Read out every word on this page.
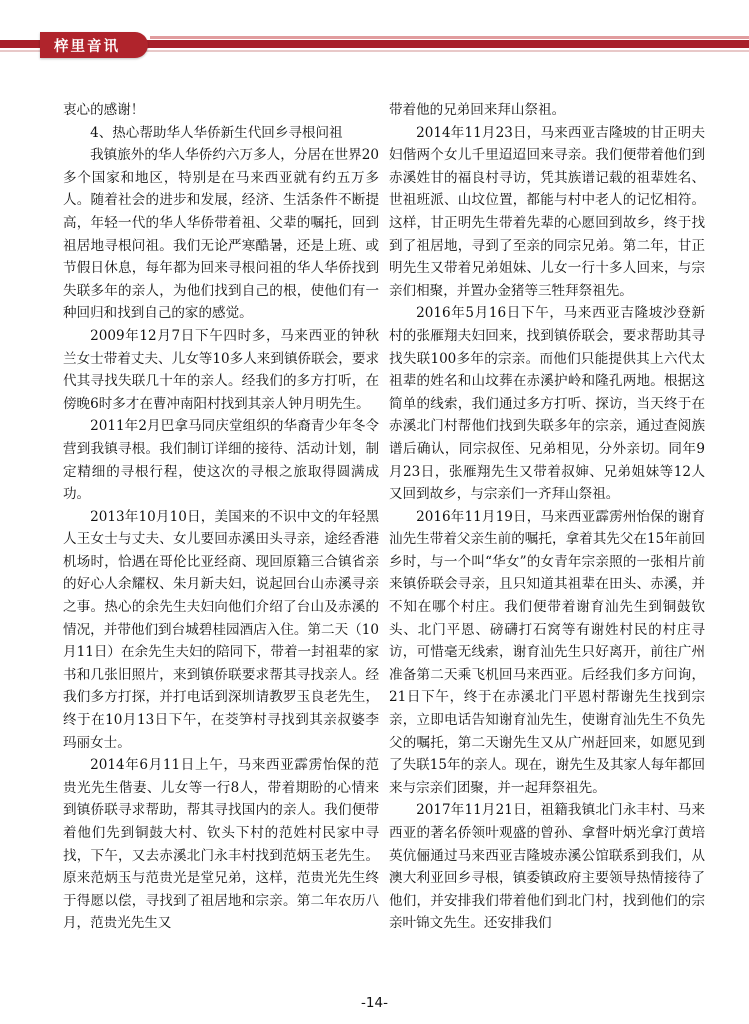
梓里音讯

衷心的感谢！

4、热心帮助华人华侨新生代回乡寻根问祖

我镇旅外的华人华侨约六万多人，分居在世界20多个国家和地区，特别是在马来西亚就有约五万多人。随着社会的进步和发展，经济、生活条件不断提高，年轻一代的华人华侨带着祖、父辈的嘱托，回到祖居地寻根问祖。我们无论严寒酷暑，还是上班、或节假日休息，每年都为回来寻根问祖的华人华侨找到失联多年的亲人，为他们找到自己的根，使他们有一种回归和找到自己的家的感觉。

2009年12月7日下午四时多，马来西亚的钟秋兰女士带着丈夫、儿女等10多人来到镇侨联会，要求代其寻找失联几十年的亲人。经我们的多方打听，在傍晚6时多才在曹冲南阳村找到其亲人钟月明先生。

2011年2月巴拿马同庆堂组织的华裔青少年冬令营到我镇寻根。我们制订详细的接待、活动计划，制定精细的寻根行程，使这次的寻根之旅取得圆满成功。

2013年10月10日，美国来的不识中文的年轻黑人王女士与丈夫、女儿要回赤溪田头寻亲，途经香港机场时，恰遇在哥伦比亚经商、现回原籍三合镇省亲的好心人余耀权、朱月新夫妇，说起回台山赤溪寻亲之事。热心的余先生夫妇向他们介绍了台山及赤溪的情况，并带他们到台城碧桂园酒店入住。第二天（10月11日）在余先生夫妇的陪同下，带着一封祖辈的家书和几张旧照片，来到镇侨联要求帮其寻找亲人。经我们多方打探，并打电话到深圳请教罗玉良老先生，终于在10月13日下午，在茭笋村寻找到其亲叔婆李玛丽女士。

2014年6月11日上午，马来西亚霹雳怡保的范贵光先生偕妻、儿女等一行8人，带着期盼的心情来到镇侨联寻求帮助，帮其寻找国内的亲人。我们便带着他们先到铜鼓大村、钦头下村的范姓村民家中寻找，下午，又去赤溪北门永丰村找到范炳玉老先生。原来范炳玉与范贵光是堂兄弟，这样，范贵光先生终于得愿以偿，寻找到了祖居地和宗亲。第二年农历八月，范贵光先生又

带着他的兄弟回来拜山祭祖。

2014年11月23日，马来西亚吉隆坡的甘正明夫妇偕两个女儿千里迢迢回来寻亲。我们便带着他们到赤溪姓甘的福良村寻访，凭其族谱记载的祖辈姓名、世祖班派、山坟位置，都能与村中老人的记忆相符。这样，甘正明先生带着先辈的心愿回到故乡，终于找到了祖居地，寻到了至亲的同宗兄弟。第二年，甘正明先生又带着兄弟姐妹、儿女一行十多人回来，与宗亲们相聚，并置办金猪等三牲拜祭祖先。

2016年5月16日下午，马来西亚吉隆坡沙登新村的张雁翔夫妇回来，找到镇侨联会，要求帮助其寻找失联100多年的宗亲。而他们只能提供其上六代太祖辈的姓名和山坟葬在赤溪护岭和隆孔两地。根据这简单的线索，我们通过多方打听、探访，当天终于在赤溪北门村帮他们找到失联多年的宗亲，通过查阅族谱后确认，同宗叔侄、兄弟相见，分外亲切。同年9月23日，张雁翔先生又带着叔婶、兄弟姐妹等12人又回到故乡，与宗亲们一齐拜山祭祖。

2016年11月19日，马来西亚霹雳州怡保的谢育汕先生带着父亲生前的嘱托，拿着其先父在15年前回乡时，与一个叫“华女”的女青年宗亲照的一张相片前来镇侨联会寻亲，且只知道其祖辈在田头、赤溪，并不知在哪个村庄。我们便带着谢育汕先生到铜鼓钦头、北门平恩、磅礴打石窝等有谢姓村民的村庄寻访，可惜毫无线索，谢育汕先生只好离开，前往广州准备第二天乘飞机回马来西亚。后经我们多方问询，21日下午，终于在赤溪北门平恩村帮谢先生找到宗亲，立即电话告知谢育汕先生，使谢育汕先生不负先父的嘱托，第二天谢先生又从广州赶回来，如愿见到了失联15年的亲人。现在，谢先生及其家人每年都回来与宗亲们团聚，并一起拜祭祖先。

2017年11月21日，祖籍我镇北门永丰村、马来西亚的著名侨领叶观盛的曾孙、拿督叶炳光拿汀黄培英伉俪通过马来西亚吉隆坡赤溪公馆联系到我们，从澳大利亚回乡寻根，镇委镇政府主要领导热情接待了他们，并安排我们带着他们到北门村，找到他们的宗亲叶锦文先生。还安排我们

-14-
